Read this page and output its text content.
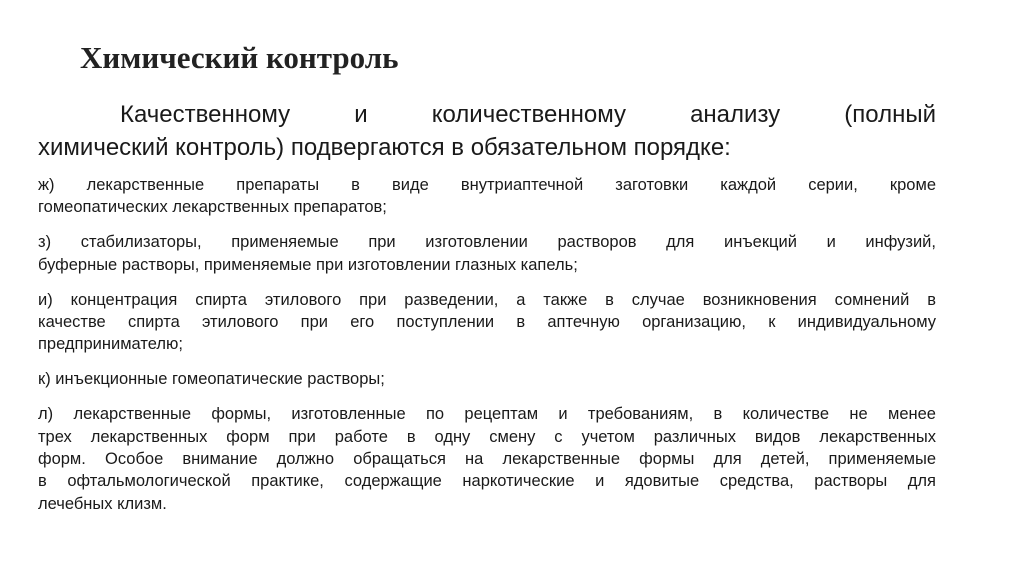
Химический контроль
Качественному и количественному анализу (полный
химический контроль) подвергаются в обязательном порядке:
ж) лекарственные препараты в виде внутриаптечной заготовки каждой серии, кроме
гомеопатических лекарственных препаратов;
з) стабилизаторы, применяемые при изготовлении растворов для инъекций и инфузий,
буферные растворы, применяемые при изготовлении глазных капель;
и) концентрация спирта этилового при разведении, а также в случае возникновения сомнений в
качестве спирта этилового при его поступлении в аптечную организацию, к индивидуальному
предпринимателю;
к) инъекционные гомеопатические растворы;
л) лекарственные формы, изготовленные по рецептам и требованиям, в количестве не менее
трех лекарственных форм при работе в одну смену с учетом различных видов лекарственных
форм. Особое внимание должно обращаться на лекарственные формы для детей, применяемые
в офтальмологической практике, содержащие наркотические и ядовитые средства, растворы для
лечебных клизм.
